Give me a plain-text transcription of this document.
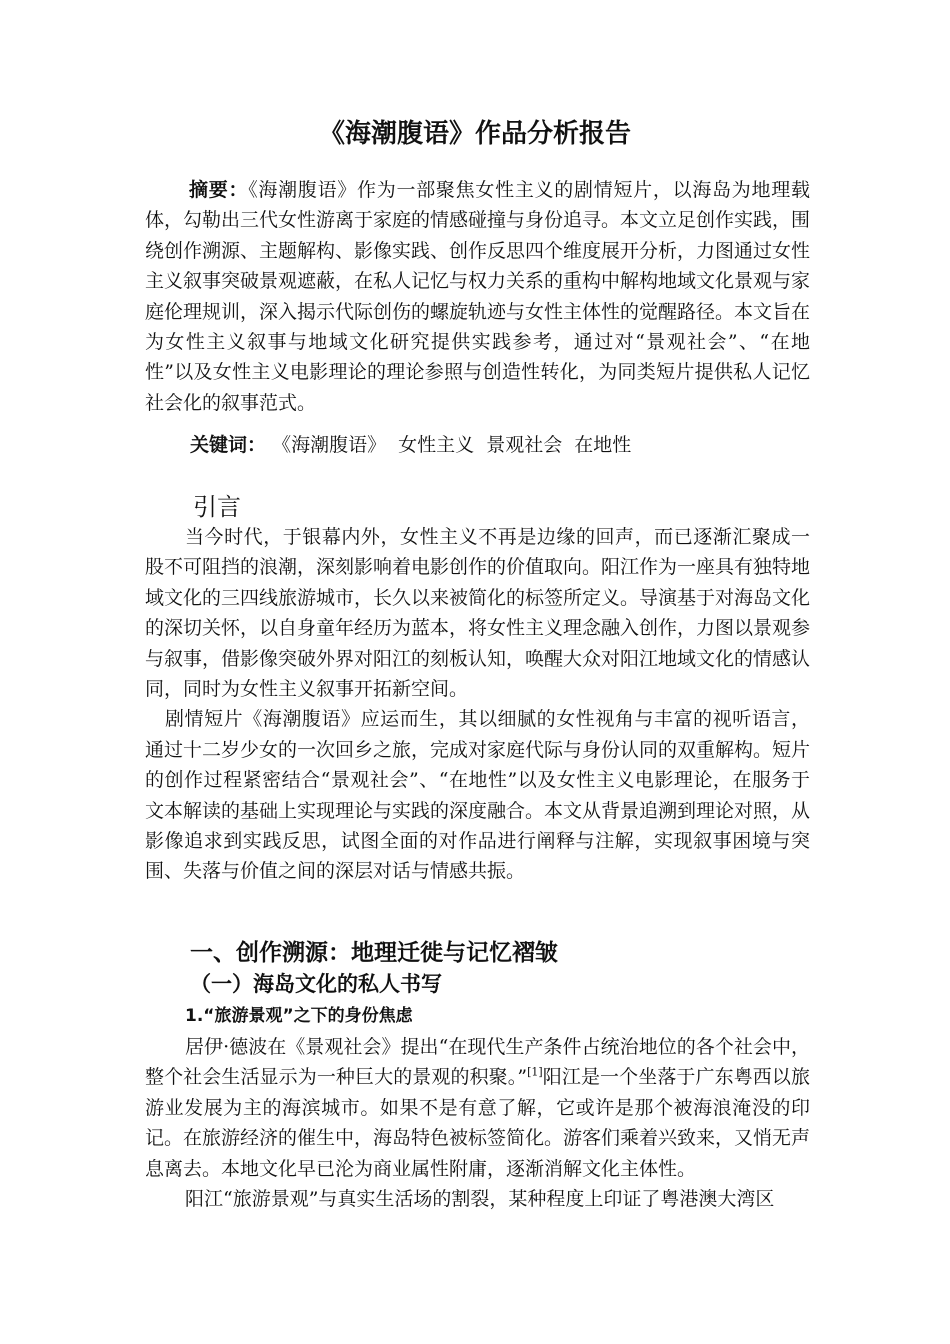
《海潮腹语》作品分析报告

摘要：《海潮腹语》作为一部聚焦女性主义的剧情短片，以海岛为地理载体，勾勒出三代女性游离于家庭的情感碰撞与身份追寻。本文立足创作实践，围绕创作溯源、主题解构、影像实践、创作反思四个维度展开分析，力图通过女性主义叙事突破景观遮蔽，在私人记忆与权力关系的重构中解构地域文化景观与家庭伦理规训，深入揭示代际创伤的螺旋轨迹与女性主体性的觉醒路径。本文旨在为女性主义叙事与地域文化研究提供实践参考，通过对“景观社会”、“在地性”以及女性主义电影理论的理论参照与创造性转化，为同类短片提供私人记忆社会化的叙事范式。

关键词： 《海潮腹语》 女性主义 景观社会 在地性
引言

当今时代，于银幕内外，女性主义不再是边缘的回声，而已逐渐汇聚成一股不可阻挡的浪潮，深刻影响着电影创作的价值取向。阳江作为一座具有独特地域文化的三四线旅游城市，长久以来被简化的标签所定义。导演基于对海岛文化的深切关怀，以自身童年经历为蓝本，将女性主义理念融入创作，力图以景观参与叙事，借影像突破外界对阳江的刻板认知，唤醒大众对阳江地域文化的情感认同，同时为女性主义叙事开拓新空间。

剧情短片《海潮腹语》应运而生，其以细腻的女性视角与丰富的视听语言，通过十二岁少女的一次回乡之旅，完成对家庭代际与身份认同的双重解构。短片的创作过程紧密结合“景观社会”、“在地性”以及女性主义电影理论，在服务于文本解读的基础上实现理论与实践的深度融合。本文从背景追溯到理论对照，从影像追求到实践反思，试图全面的对作品进行阐释与注解，实现叙事困境与突围、失落与价值之间的深层对话与情感共振。

一、创作溯源：地理迁徙与记忆褶皱
（一）海岛文化的私人书写
1.“旅游景观”之下的身份焦虑

居伊·德波在《景观社会》提出“在现代生产条件占统治地位的各个社会中，整个社会生活显示为一种巨大的景观的积聚。”[1]阳江是一个坐落于广东粤西以旅游业发展为主的海滨城市。如果不是有意了解，它或许是那个被海浪淹没的印记。在旅游经济的催生中，海岛特色被标签简化。游客们乘着兴致来，又悄无声息离去。本地文化早已沦为商业属性附庸，逐渐消解文化主体性。

阳江“旅游景观”与真实生活场的割裂，某种程度上印证了粤港澳大湾区
